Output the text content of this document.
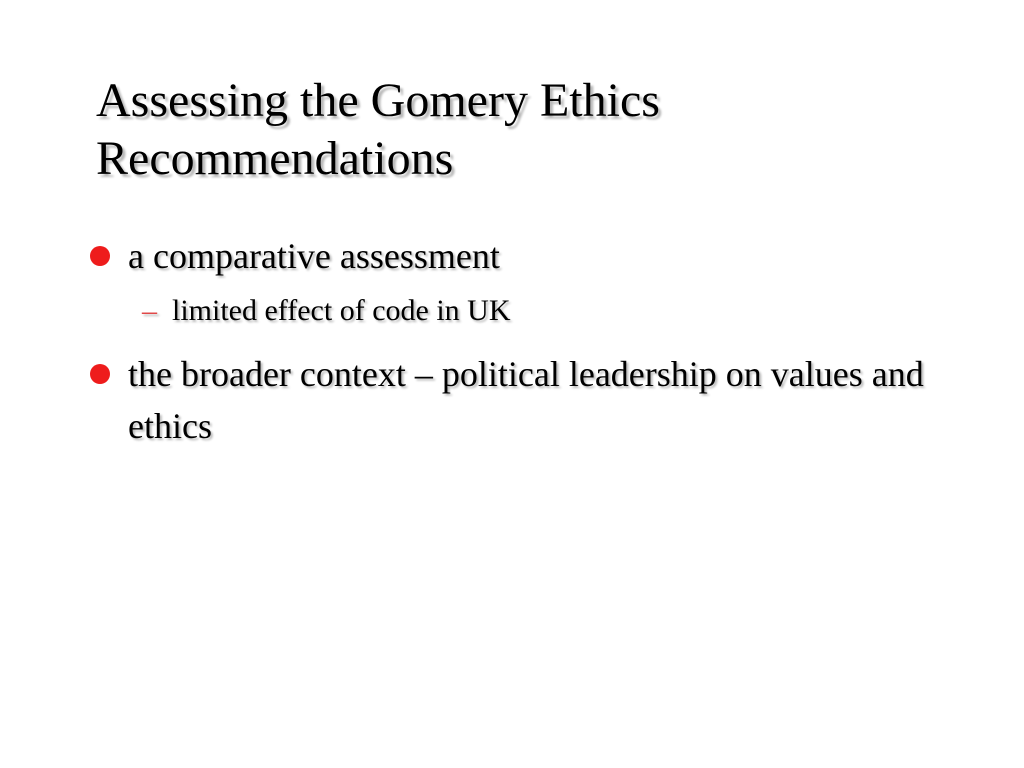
Assessing the Gomery Ethics
Recommendations
a comparative assessment
– limited effect of code in UK
the broader context – political leadership on values and ethics
